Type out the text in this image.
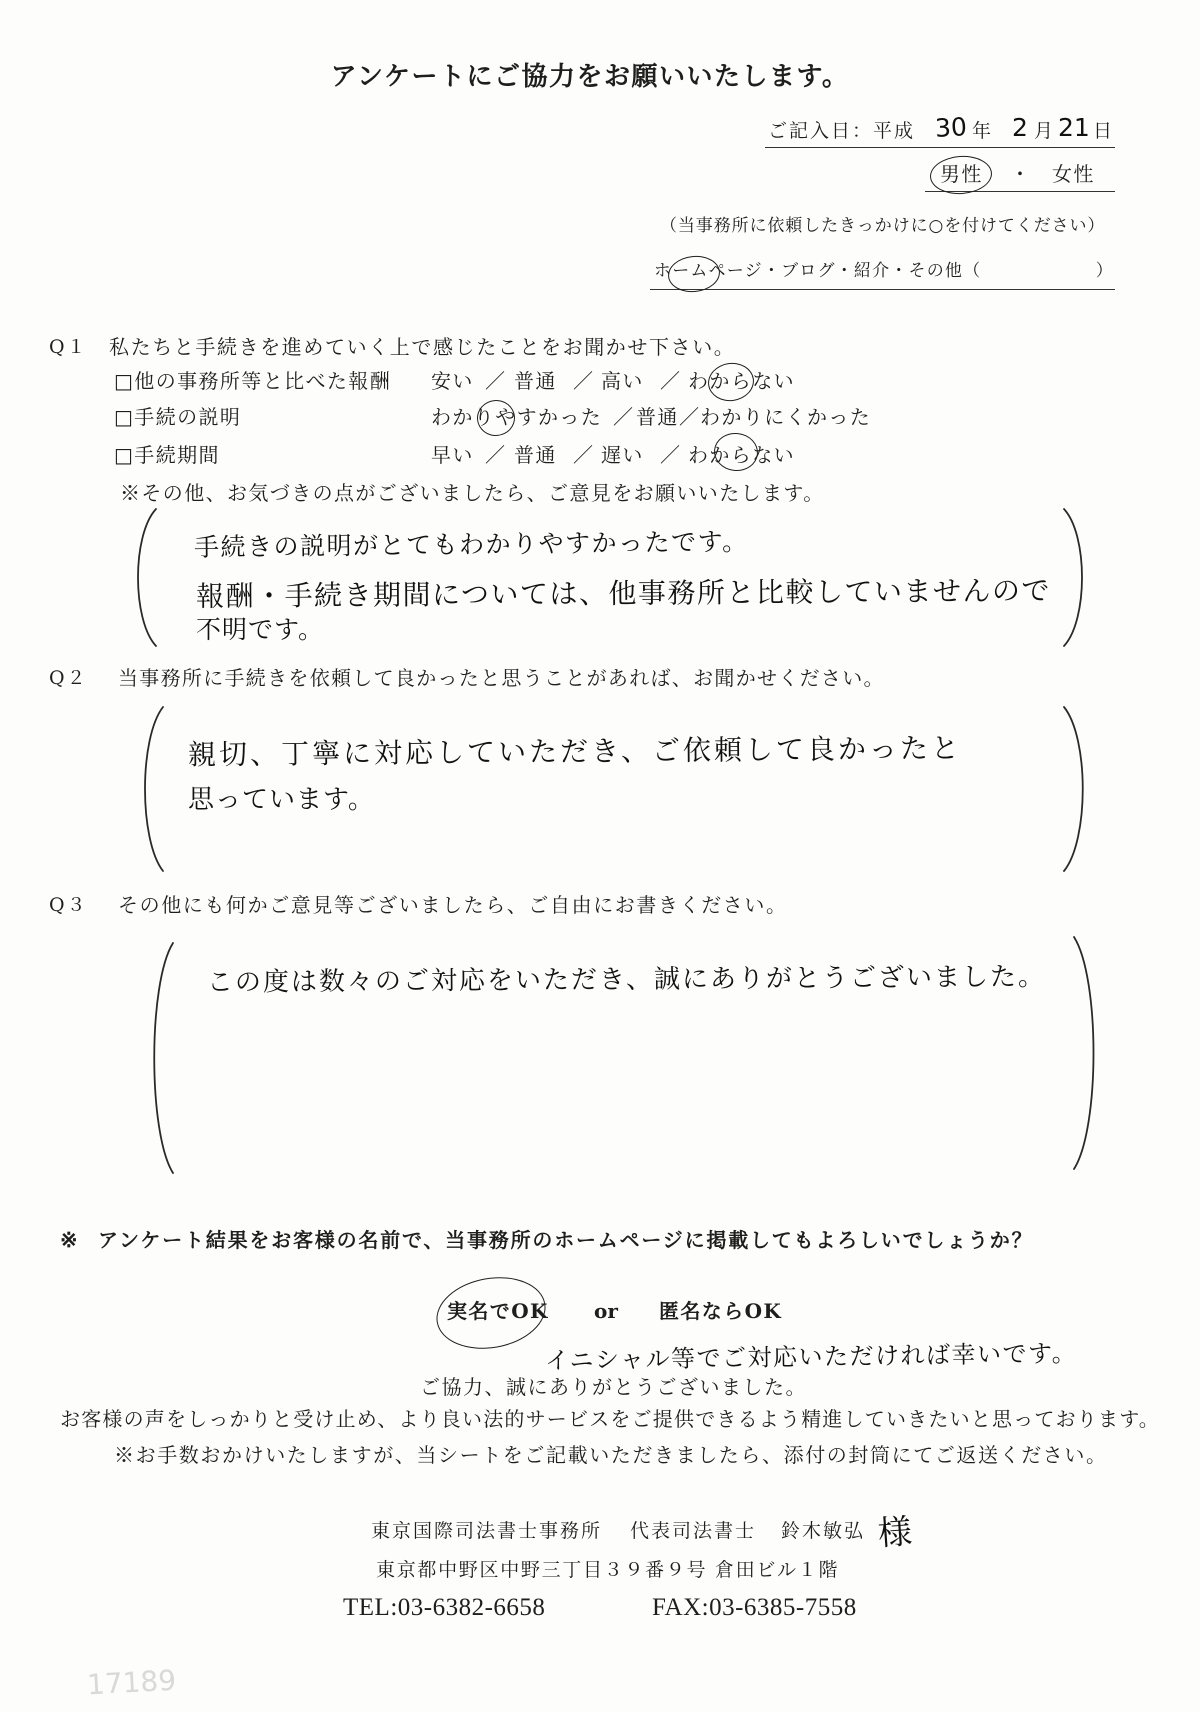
アンケートにご協力をお願いいたします。
ご記入日：平成 30 年 2 月 21 日
男性 ・ 女性
（当事務所に依頼したきっかけに○を付けてください）
ホームページ ・ ブログ ・ 紹介 ・ その他 （	）
Q１ 私たちと手続きを進めていく上で感じたことをお聞かせ下さい。
□他の事務所等と比べた報酬 安い ／ 普通 ／ 高い ／ わからない
□手続の説明	わかりやすかった ／ 普通 ／ わかりにくかった
□手続期間	早い ／ 普通 ／ 遅い ／ わからない
※その他、お気づきの点がございましたら、ご意見をお願いいたします。
手続きの説明がとてもわかりやすかったです。
報酬・手続き期間については、他事務所と比較していませんので
不明です。
Q２ 当事務所に手続きを依頼して良かったと思うことがあれば、お聞かせください。
親切、丁寧に対応していただき、ご依頼して良かったと
思っています。
Q３ その他にも何かご意見等ございましたら、ご自由にお書きください。
この度は数々のご対応をいただき、誠にありがとうございました。
※ アンケート結果をお客様の名前で、当事務所のホームページに掲載してもよろしいでしょうか？
実名でOK or 匿名ならOK
イニシャル等でご対応いただければ幸いです。
ご協力、誠にありがとうございました。
お客様の声をしっかりと受け止め、より良い法的サービスをご提供できるよう精進していきたいと思っております。
※お手数おかけいたしますが、当シートをご記載いただきましたら、添付の封筒にてご返送ください。
東京国際司法書士事務所 代表司法書士 鈴木敏弘 様
東京都中野区中野三丁目３９番９号 倉田ビル１階
TEL:03-6382-6658	FAX:03-6385-7558
17189
